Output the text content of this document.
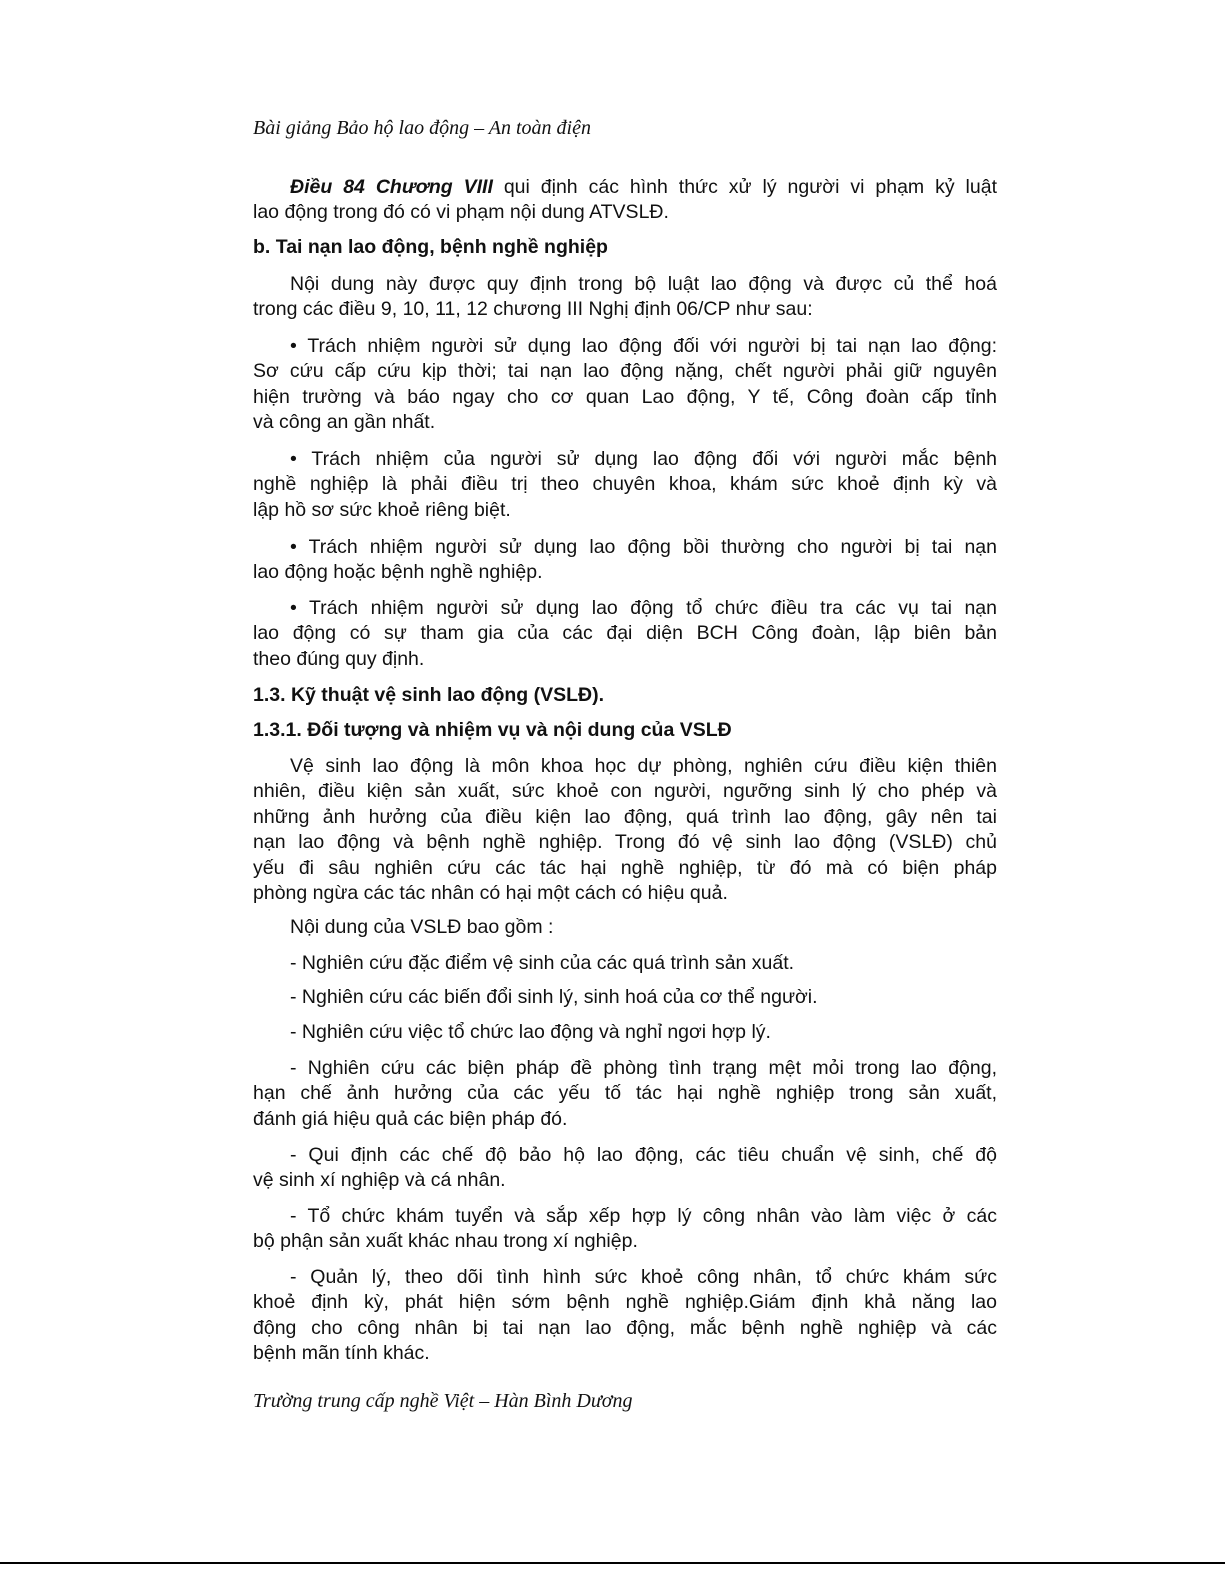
Bài giảng Bảo hộ lao động – An toàn điện
Điều 84 Chương VIII qui định các hình thức xử lý người vi phạm kỷ luật
lao động trong đó có vi phạm nội dung ATVSLĐ.
b. Tai nạn lao động, bệnh nghề nghiệp
Nội dung này được quy định trong bộ luật lao động và được củ thể hoá
trong các điều 9, 10, 11, 12 chương III Nghị định 06/CP như sau:
• Trách nhiệm người sử dụng lao động đối với người bị tai nạn lao động:
Sơ cứu cấp cứu kịp thời; tai nạn lao động nặng, chết người phải giữ nguyên
hiện trường và báo ngay cho cơ quan Lao động, Y tế, Công đoàn cấp tỉnh
và công an gần nhất.
• Trách nhiệm của người sử dụng lao động đối với người mắc bệnh
nghề nghiệp là phải điều trị theo chuyên khoa, khám sức khoẻ định kỳ và
lập hồ sơ sức khoẻ riêng biệt.
• Trách nhiệm người sử dụng lao động bồi thường cho người bị tai nạn
lao động hoặc bệnh nghề nghiệp.
• Trách nhiệm người sử dụng lao động tổ chức điều tra các vụ tai nạn
lao động có sự tham gia của các đại diện BCH Công đoàn, lập biên bản
theo đúng quy định.
1.3. Kỹ thuật vệ sinh lao động (VSLĐ).
1.3.1. Đối tượng và nhiệm vụ và nội dung của VSLĐ
Vệ sinh lao động là môn khoa học dự phòng, nghiên cứu điều kiện thiên
nhiên, điều kiện sản xuất, sức khoẻ con người, ngưỡng sinh lý cho phép và
những ảnh hưởng của điều kiện lao động, quá trình lao động, gây nên tai
nạn lao động và bệnh nghề nghiệp. Trong đó vệ sinh lao động (VSLĐ) chủ
yếu đi sâu nghiên cứu các tác hại nghề nghiệp, từ đó mà có biện pháp
phòng ngừa các tác nhân có hại một cách có hiệu quả.
Nội dung của VSLĐ bao gồm :
- Nghiên cứu đặc điểm vệ sinh của các quá trình sản xuất.
- Nghiên cứu các biến đổi sinh lý, sinh hoá của cơ thể người.
- Nghiên cứu việc tổ chức lao động và nghỉ ngơi hợp lý.
- Nghiên cứu các biện pháp đề phòng tình trạng mệt mỏi trong lao động,
hạn chế ảnh hưởng của các yếu tố tác hại nghề nghiệp trong sản xuất,
đánh giá hiệu quả các biện pháp đó.
- Qui định các chế độ bảo hộ lao động, các tiêu chuẩn vệ sinh, chế độ
vệ sinh xí nghiệp và cá nhân.
- Tổ chức khám tuyển và sắp xếp hợp lý công nhân vào làm việc ở các
bộ phận sản xuất khác nhau trong xí nghiệp.
- Quản lý, theo dõi tình hình sức khoẻ công nhân, tổ chức khám sức
khoẻ định kỳ, phát hiện sớm bệnh nghề nghiệp.Giám định khả năng lao
động cho công nhân bị tai nạn lao động, mắc bệnh nghề nghiệp và các
bệnh mãn tính khác.
Trường trung cấp nghề Việt – Hàn Bình Dương
